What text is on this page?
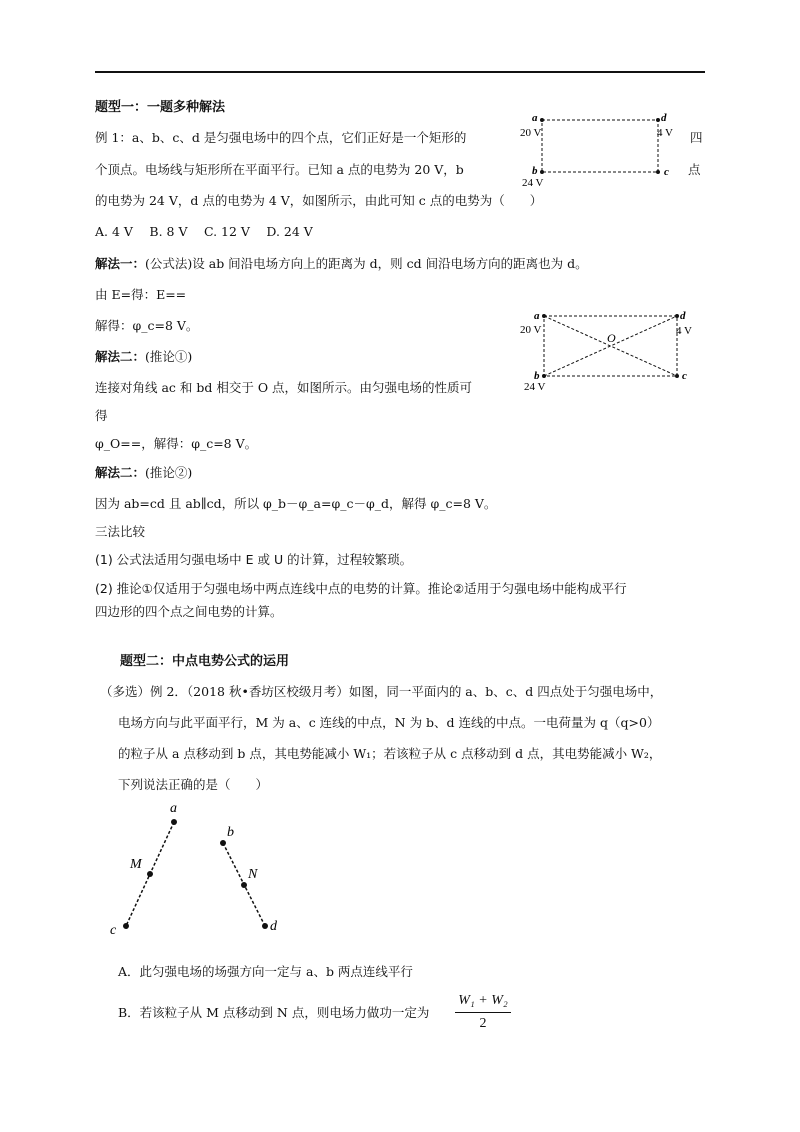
题型一：一题多种解法
例 1：a、b、c、d 是匀强电场中的四个点，它们正好是一个矩形的	四
个顶点。电场线与矩形所在平面平行。已知 a 点的电势为 20 V，b	点
的电势为 24 V，d 点的电势为 4 V，如图所示，由此可知 c 点的电势为（　　）
A. 4 V　 B. 8 V　 C. 12 V　 D. 24 V
a
20 V
d
4 V
b
24 V
c
解法一：(公式法)设 ab 间沿电场方向上的距离为 d，则 cd 间沿电场方向的距离也为 d。
由 E=得：E==
解得：φ_c=8 V。
a
20 V
d
4 V
O
b
24 V
c
解法二：(推论①)
连接对角线 ac 和 bd 相交于 O 点，如图所示。由匀强电场的性质可
得
φ_O==，解得：φ_c=8 V。
解法二：(推论②)
因为 ab=cd 且 ab∥cd，所以 φ_b－φ_a=φ_c－φ_d，解得 φ_c=8 V。
三法比较
(1) 公式法适用匀强电场中 E 或 U 的计算，过程较繁琐。
(2) 推论①仅适用于匀强电场中两点连线中点的电势的计算。推论②适用于匀强电场中能构成平行
四边形的四个点之间电势的计算。
题型二：中点电势公式的运用
（多选）例 2．（2018 秋•香坊区校级月考）如图，同一平面内的 a、b、c、d 四点处于匀强电场中，
电场方向与此平面平行，M 为 a、c 连线的中点，N 为 b、d 连线的中点。一电荷量为 q（q>0）
的粒子从 a 点移动到 b 点，其电势能减小 W₁；若该粒子从 c 点移动到 d 点，其电势能减小 W₂，
下列说法正确的是（　　）
a
M
c
b
N
d
A．此匀强电场的场强方向一定与 a、b 两点连线平行
B．若该粒子从 M 点移动到 N 点，则电场力做功一定为
W₁ + W₂
2
